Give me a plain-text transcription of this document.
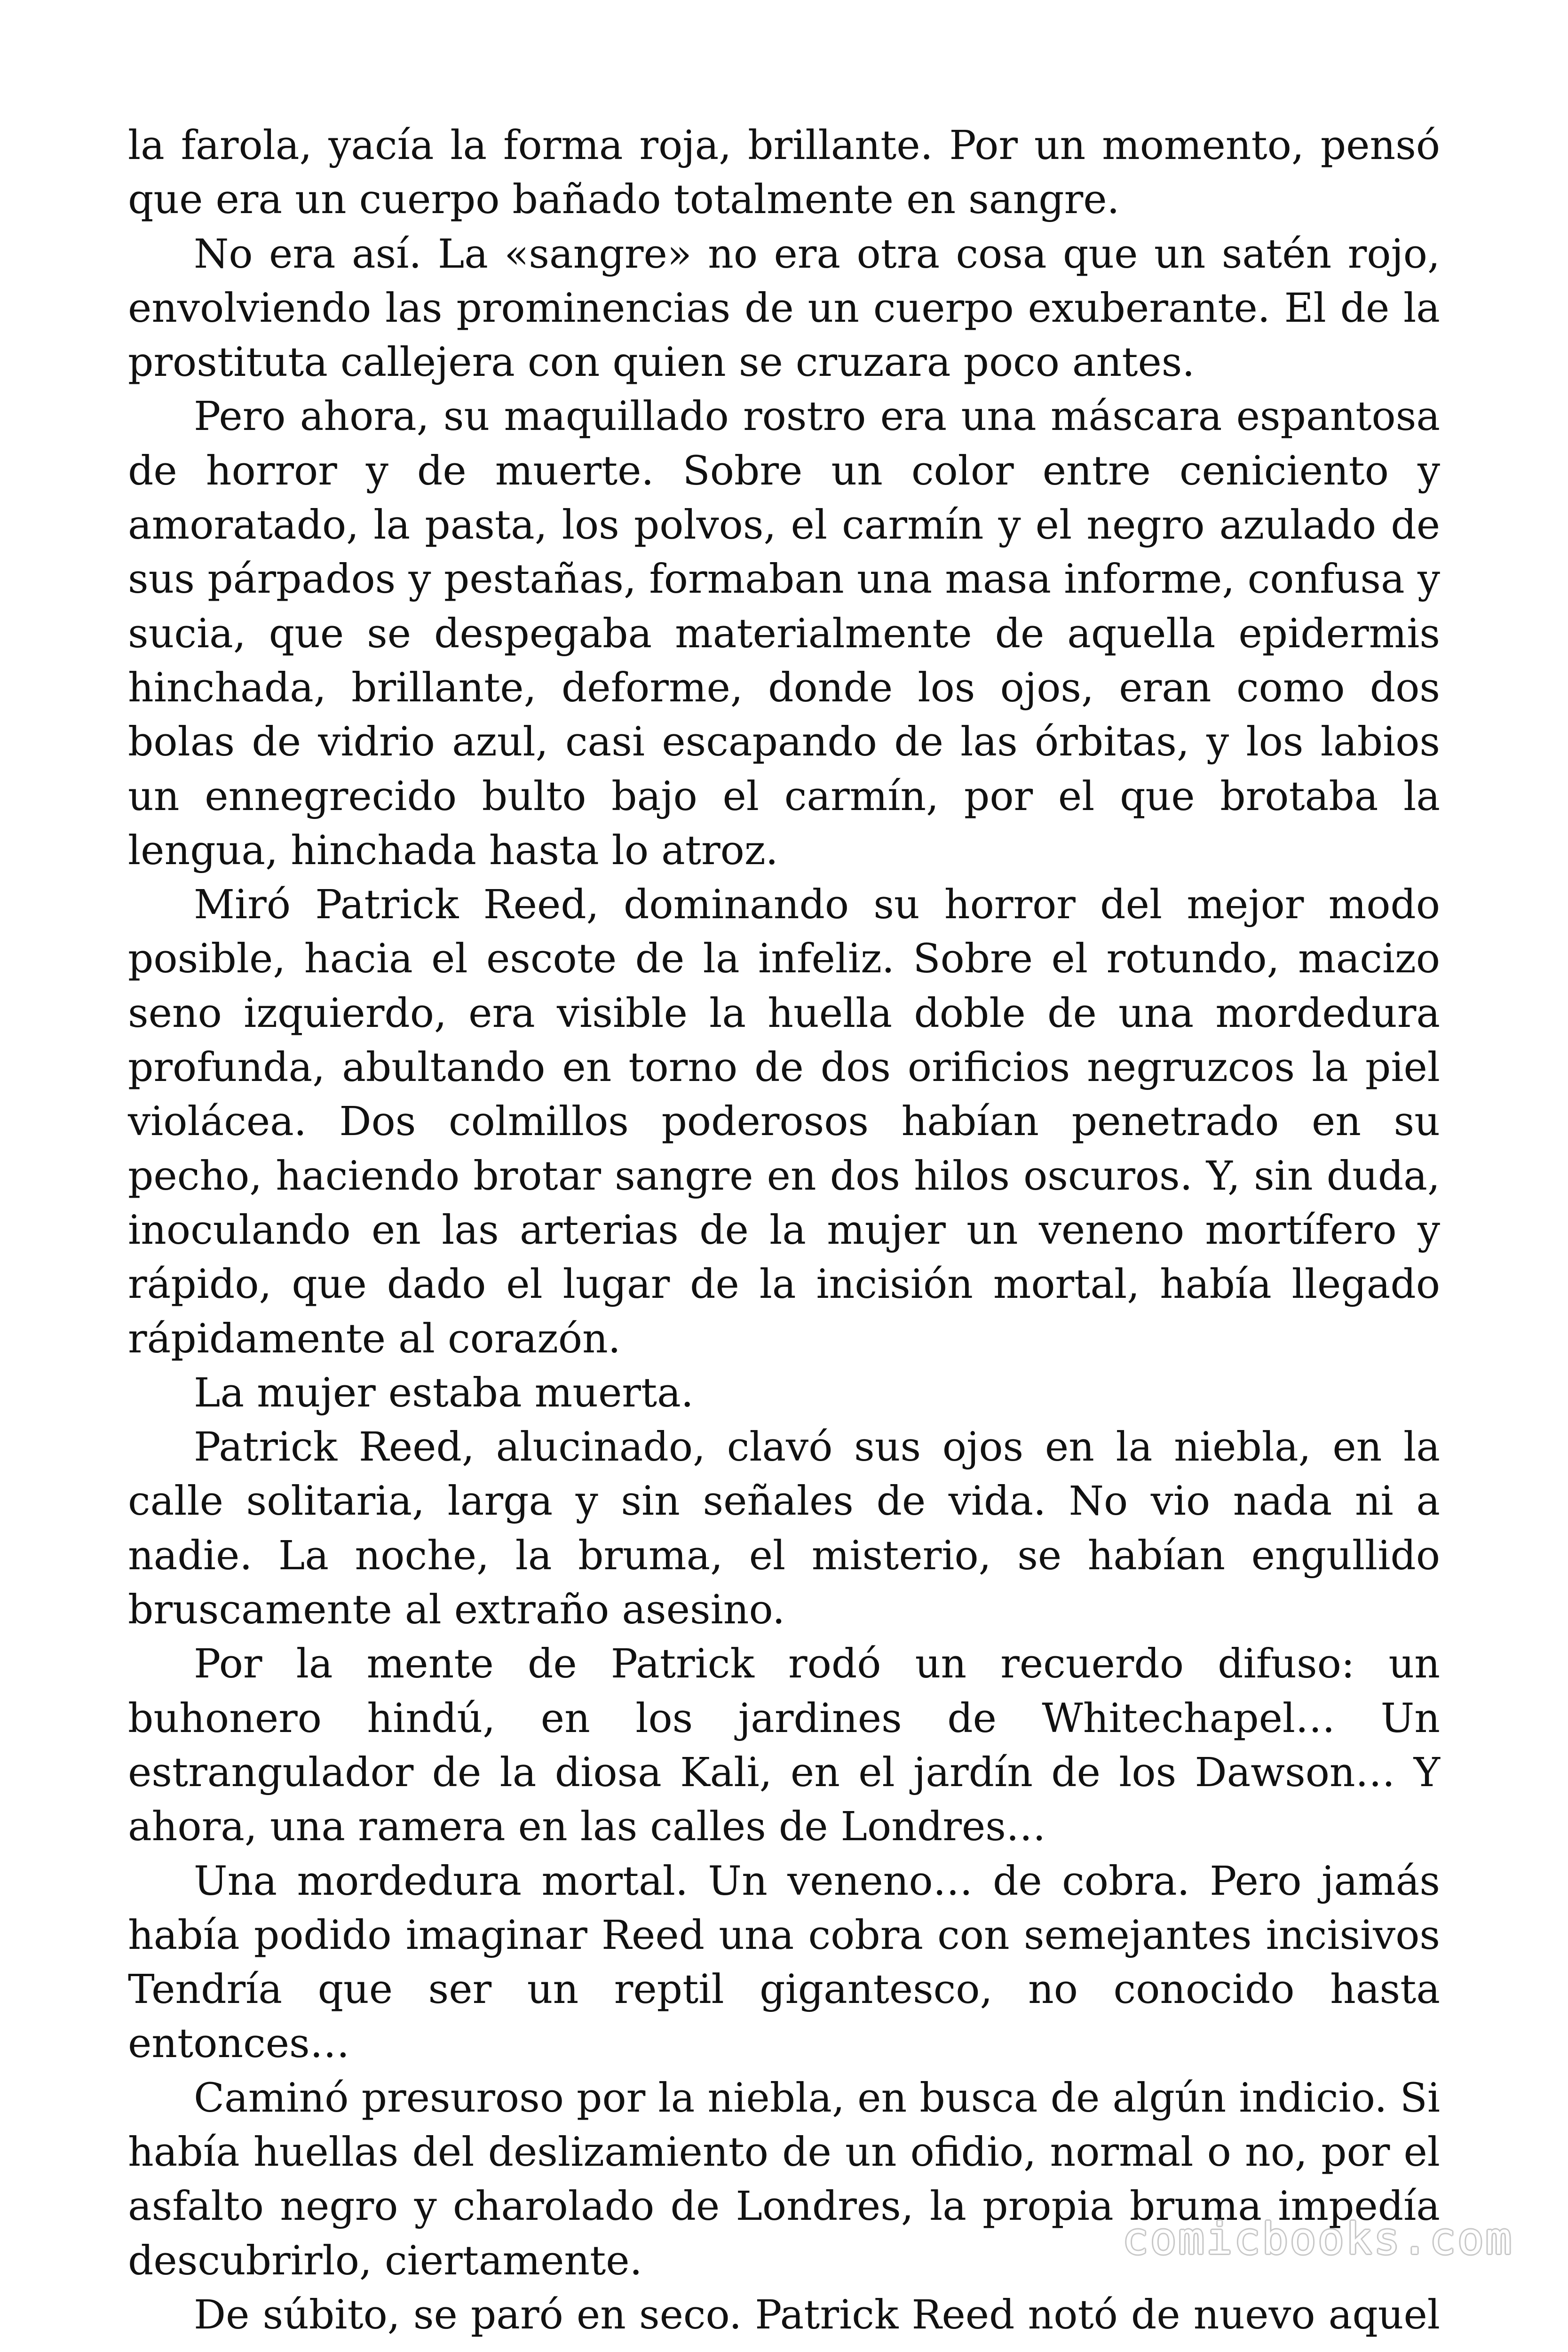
la farola, yacía la forma roja, brillante. Por un momento, pensó que era un cuerpo bañado totalmente en sangre.

No era así. La «sangre» no era otra cosa que un satén rojo, envolviendo las prominencias de un cuerpo exuberante. El de la prostituta callejera con quien se cruzara poco antes.

Pero ahora, su maquillado rostro era una máscara espantosa de horror y de muerte. Sobre un color entre ceniciento y amoratado, la pasta, los polvos, el carmín y el negro azulado de sus párpados y pestañas, formaban una masa informe, confusa y sucia, que se despegaba materialmente de aquella epidermis hinchada, brillante, deforme, donde los ojos, eran como dos bolas de vidrio azul, casi escapando de las órbitas, y los labios un ennegrecido bulto bajo el carmín, por el que brotaba la lengua, hinchada hasta lo atroz.

Miró Patrick Reed, dominando su horror del mejor modo posible, hacia el escote de la infeliz. Sobre el rotundo, macizo seno izquierdo, era visible la huella doble de una mordedura profunda, abultando en torno de dos orificios negruzcos la piel violácea. Dos colmillos poderosos habían penetrado en su pecho, haciendo brotar sangre en dos hilos oscuros. Y, sin duda, inoculando en las arterias de la mujer un veneno mortífero y rápido, que dado el lugar de la incisión mortal, había llegado rápidamente al corazón.

La mujer estaba muerta.

Patrick Reed, alucinado, clavó sus ojos en la niebla, en la calle solitaria, larga y sin señales de vida. No vio nada ni a nadie. La noche, la bruma, el misterio, se habían engullido bruscamente al extraño asesino.

Por la mente de Patrick rodó un recuerdo difuso: un buhonero hindú, en los jardines de Whitechapel… Un estrangulador de la diosa Kali, en el jardín de los Dawson… Y ahora, una ramera en las calles de Londres…

Una mordedura mortal. Un veneno… de cobra. Pero jamás había podido imaginar Reed una cobra con semejantes incisivos Tendría que ser un reptil gigantesco, no conocido hasta entonces…

Caminó presuroso por la niebla, en busca de algún indicio. Si había huellas del deslizamiento de un ofidio, normal o no, por el asfalto negro y charolado de Londres, la propia bruma impedía descubrirlo, ciertamente.

De súbito, se paró en seco. Patrick Reed notó de nuevo aquel

comicbooks.com
